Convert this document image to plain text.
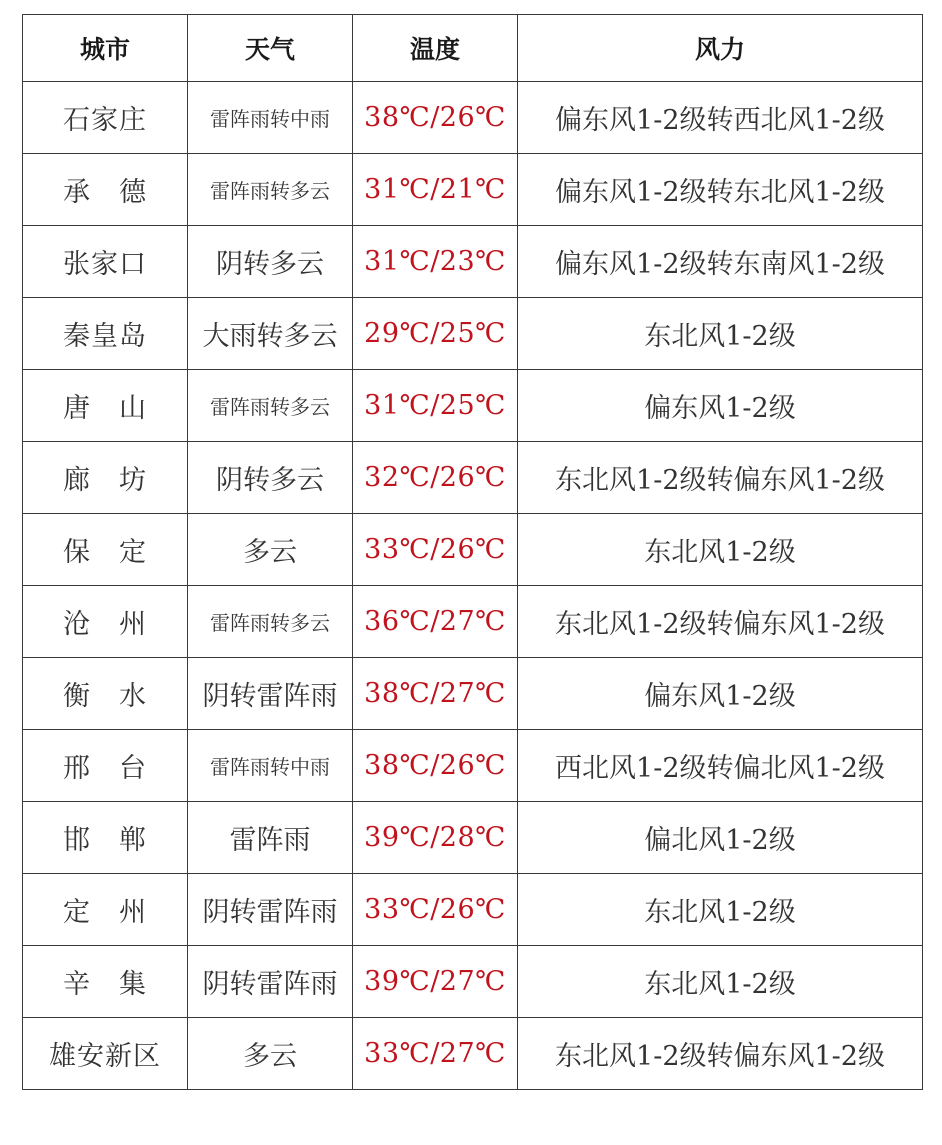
城市	天气	温度	风力
石家庄	雷阵雨转中雨	38℃/26℃	偏东风1-2级转西北风1-2级
承　德	雷阵雨转多云	31℃/21℃	偏东风1-2级转东北风1-2级
张家口	阴转多云	31℃/23℃	偏东风1-2级转东南风1-2级
秦皇岛	大雨转多云	29℃/25℃	东北风1-2级
唐　山	雷阵雨转多云	31℃/25℃	偏东风1-2级
廊　坊	阴转多云	32℃/26℃	东北风1-2级转偏东风1-2级
保　定	多云	33℃/26℃	东北风1-2级
沧　州	雷阵雨转多云	36℃/27℃	东北风1-2级转偏东风1-2级
衡　水	阴转雷阵雨	38℃/27℃	偏东风1-2级
邢　台	雷阵雨转中雨	38℃/26℃	西北风1-2级转偏北风1-2级
邯　郸	雷阵雨	39℃/28℃	偏北风1-2级
定　州	阴转雷阵雨	33℃/26℃	东北风1-2级
辛　集	阴转雷阵雨	39℃/27℃	东北风1-2级
雄安新区	多云	33℃/27℃	东北风1-2级转偏东风1-2级
